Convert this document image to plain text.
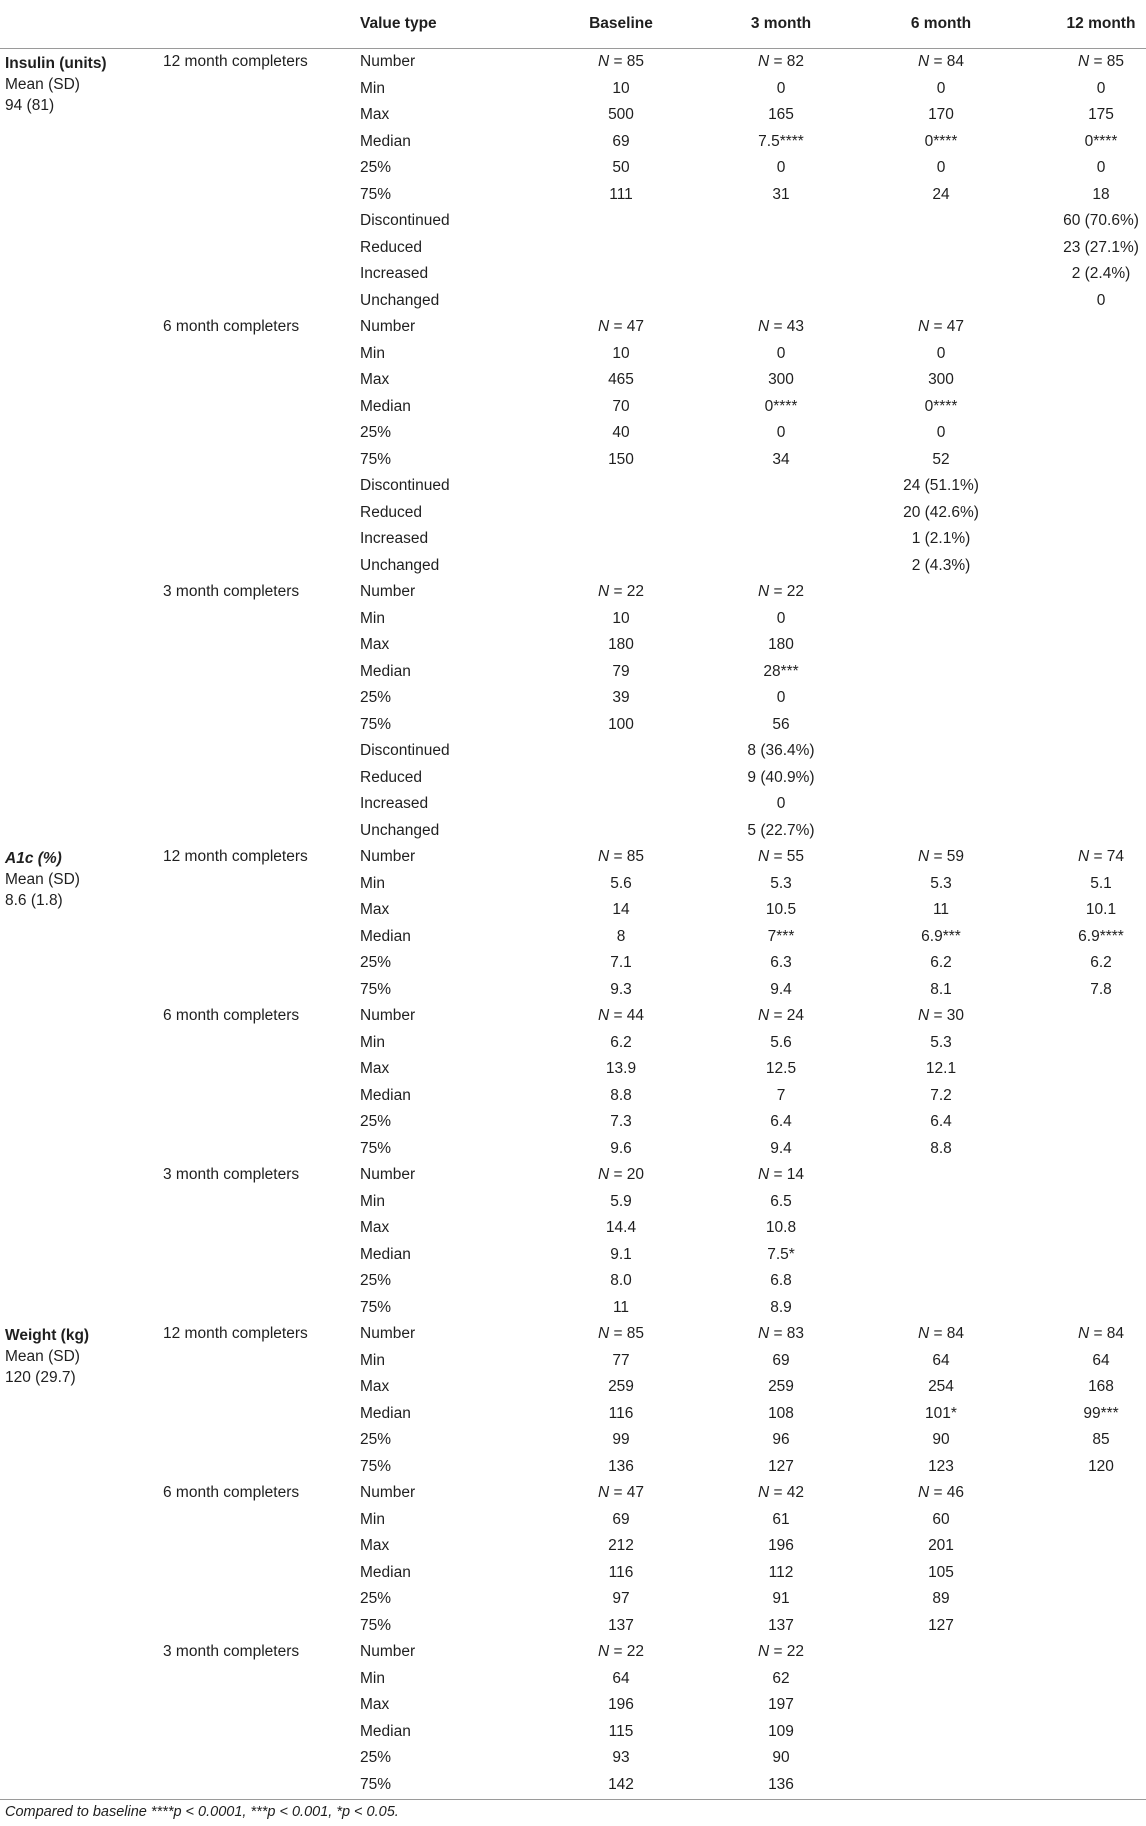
		Value type	Baseline	3 month	6 month	12 month
Insulin (units)
Mean (SD)
94 (81)	12 month completers	Number	N = 85	N = 82	N = 84	N = 85
		Min	10	0	0	0
		Max	500	165	170	175
		Median	69	7.5****	0****	0****
		25%	50	0	0	0
		75%	111	31	24	18
		Discontinued				60 (70.6%)
		Reduced				23 (27.1%)
		Increased				2 (2.4%)
		Unchanged				0
	6 month completers	Number	N = 47	N = 43	N = 47	
		Min	10	0	0	
		Max	465	300	300	
		Median	70	0****	0****	
		25%	40	0	0	
		75%	150	34	52	
		Discontinued			24 (51.1%)	
		Reduced			20 (42.6%)	
		Increased			1 (2.1%)	
		Unchanged			2 (4.3%)	
	3 month completers	Number	N = 22	N = 22		
		Min	10	0		
		Max	180	180		
		Median	79	28***		
		25%	39	0		
		75%	100	56		
		Discontinued		8 (36.4%)		
		Reduced		9 (40.9%)		
		Increased		0		
		Unchanged		5 (22.7%)		
A1c (%)
Mean (SD)
8.6 (1.8)	12 month completers	Number	N = 85	N = 55	N = 59	N = 74
		Min	5.6	5.3	5.3	5.1
		Max	14	10.5	11	10.1
		Median	8	7***	6.9***	6.9****
		25%	7.1	6.3	6.2	6.2
		75%	9.3	9.4	8.1	7.8
	6 month completers	Number	N = 44	N = 24	N = 30	
		Min	6.2	5.6	5.3	
		Max	13.9	12.5	12.1	
		Median	8.8	7	7.2	
		25%	7.3	6.4	6.4	
		75%	9.6	9.4	8.8	
	3 month completers	Number	N = 20	N = 14		
		Min	5.9	6.5		
		Max	14.4	10.8		
		Median	9.1	7.5*		
		25%	8.0	6.8		
		75%	11	8.9		
Weight (kg)
Mean (SD)
120 (29.7)	12 month completers	Number	N = 85	N = 83	N = 84	N = 84
		Min	77	69	64	64
		Max	259	259	254	168
		Median	116	108	101*	99***
		25%	99	96	90	85
		75%	136	127	123	120
	6 month completers	Number	N = 47	N = 42	N = 46	
		Min	69	61	60	
		Max	212	196	201	
		Median	116	112	105	
		25%	97	91	89	
		75%	137	137	127	
	3 month completers	Number	N = 22	N = 22		
		Min	64	62		
		Max	196	197		
		Median	115	109		
		25%	93	90		
		75%	142	136		
Compared to baseline ****p < 0.0001, ***p < 0.001, *p < 0.05.
